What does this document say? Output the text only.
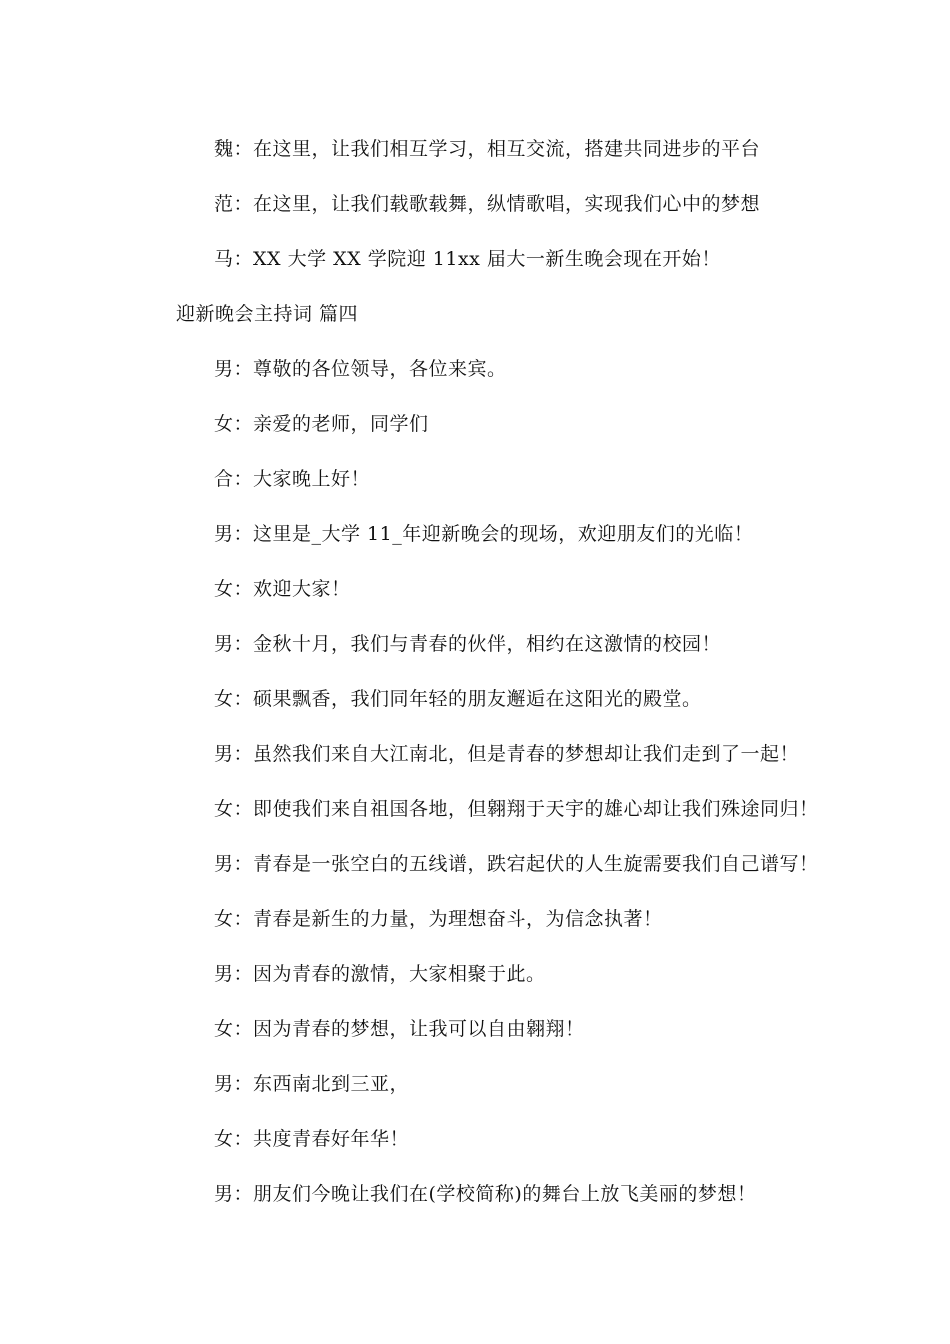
魏：在这里，让我们相互学习，相互交流，搭建共同进步的平台
范：在这里，让我们载歌载舞，纵情歌唱，实现我们心中的梦想
马：XX 大学 XX 学院迎 11xx 届大一新生晚会现在开始！
迎新晚会主持词 篇四
男：尊敬的各位领导，各位来宾。
女：亲爱的老师，同学们
合：大家晚上好！
男：这里是_大学 11_年迎新晚会的现场，欢迎朋友们的光临！
女：欢迎大家！
男：金秋十月，我们与青春的伙伴，相约在这激情的校园！
女：硕果飘香，我们同年轻的朋友邂逅在这阳光的殿堂。
男：虽然我们来自大江南北，但是青春的梦想却让我们走到了一起！
女：即使我们来自祖国各地，但翱翔于天宇的雄心却让我们殊途同归！
男：青春是一张空白的五线谱，跌宕起伏的人生旋需要我们自己谱写！
女：青春是新生的力量，为理想奋斗，为信念执著！
男：因为青春的激情，大家相聚于此。
女：因为青春的梦想，让我可以自由翱翔！
男：东西南北到三亚，
女：共度青春好年华！
男：朋友们今晚让我们在(学校简称)的舞台上放飞美丽的梦想！
